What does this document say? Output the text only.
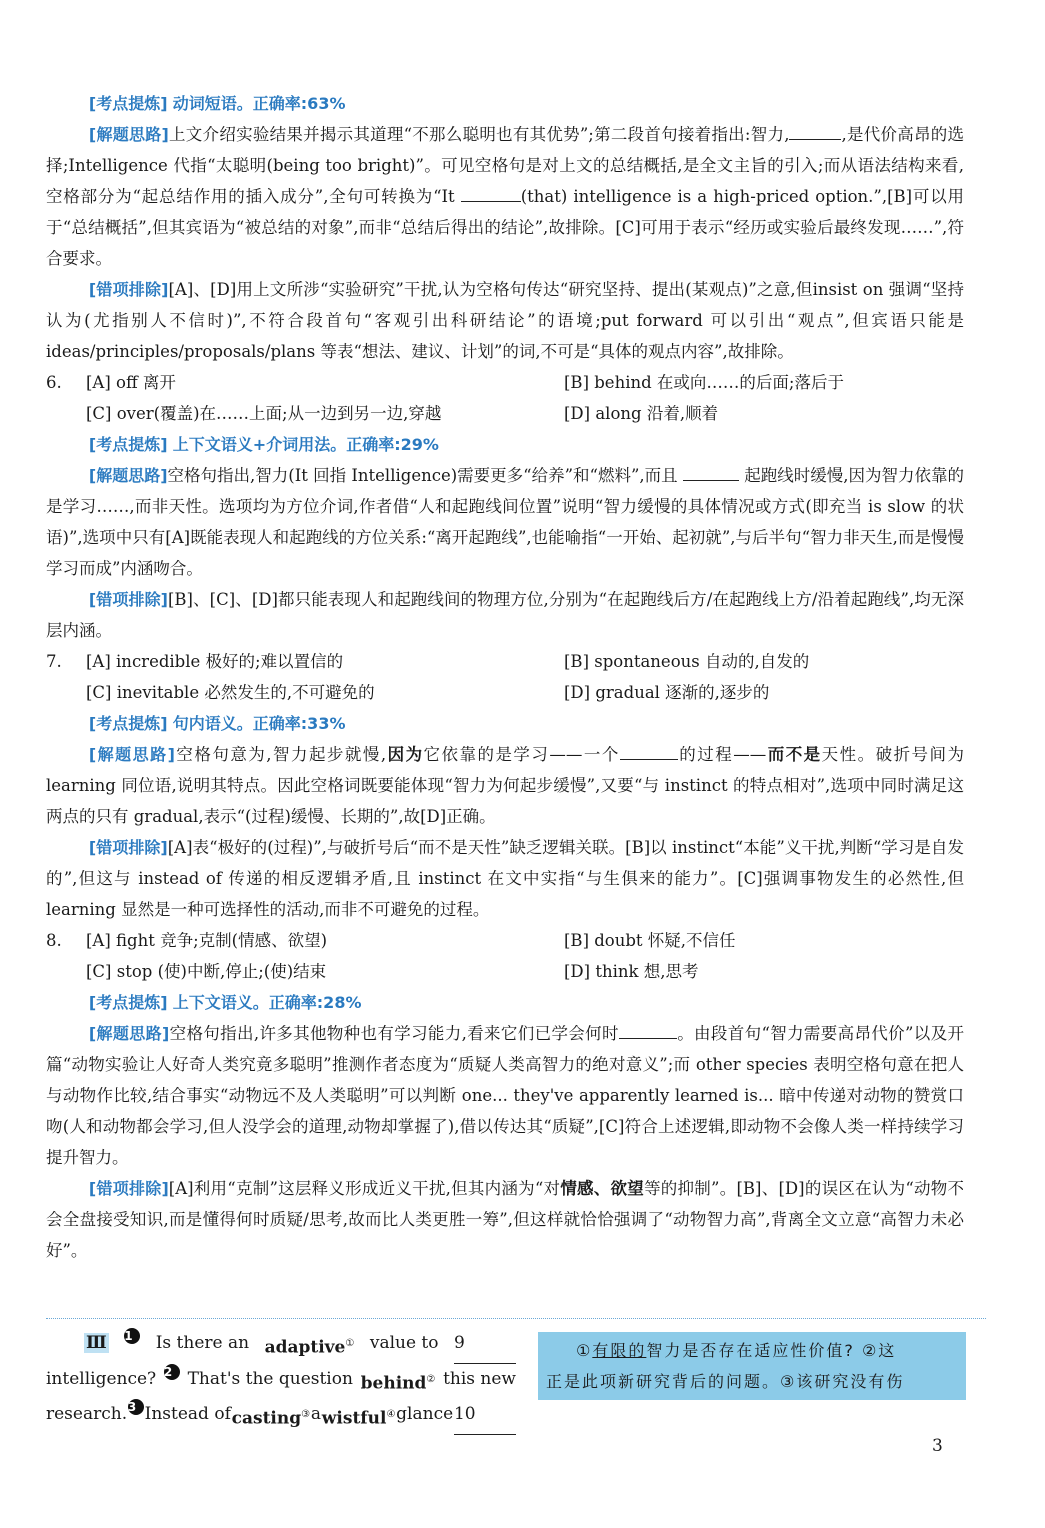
[考点提炼] 动词短语。正确率:63%

[解题思路]上文介绍实验结果并揭示其道理“不那么聪明也有其优势”;第二段首句接着指出:智力,	,是代价高昂的选择;Intelligence 代指“太聪明(being too bright)”。可见空格句是对上文的总结概括,是全文主旨的引入;而从语法结构来看,空格部分为“起总结作用的插入成分”,全句可转换为“It	(that) intelligence is a high-priced option.”,[B]可以用于“总结概括”,但其宾语为“被总结的对象”,而非“总结后得出的结论”,故排除。[C]可用于表示“经历或实验后最终发现……”,符合要求。

[错项排除][A]、[D]用上文所涉“实验研究”干扰,认为空格句传达“研究坚持、提出(某观点)”之意,但insist on 强调“坚持认为(尤指别人不信时)”,不符合段首句“客观引出科研结论”的语境;put forward 可以引出“观点”,但宾语只能是 ideas/principles/proposals/plans 等表“想法、建议、计划”的词,不可是“具体的观点内容”,故排除。

6.	[A] off 离开	[B] behind 在或向……的后面;落后于
[C] over(覆盖)在……上面;从一边到另一边,穿越	[D] along 沿着,顺着

[考点提炼] 上下文语义+介词用法。正确率:29%

[解题思路]空格句指出,智力(It 回指 Intelligence)需要更多“给养”和“燃料”,而且	起跑线时缓慢,因为智力依靠的是学习……,而非天性。选项均为方位介词,作者借“人和起跑线间位置”说明“智力缓慢的具体情况或方式(即充当 is slow 的状语)”,选项中只有[A]既能表现人和起跑线的方位关系:“离开起跑线”,也能喻指“一开始、起初就”,与后半句“智力非天生,而是慢慢学习而成”内涵吻合。

[错项排除][B]、[C]、[D]都只能表现人和起跑线间的物理方位,分别为“在起跑线后方/在起跑线上方/沿着起跑线”,均无深层内涵。

7.	[A] incredible 极好的;难以置信的	[B] spontaneous 自动的,自发的
[C] inevitable 必然发生的,不可避免的	[D] gradual 逐渐的,逐步的

[考点提炼] 句内语义。正确率:33%

[解题思路]空格句意为,智力起步就慢,因为它依靠的是学习——一个	的过程——而不是天性。破折号间为 learning 同位语,说明其特点。因此空格词既要能体现“智力为何起步缓慢”,又要“与 instinct 的特点相对”,选项中同时满足这两点的只有 gradual,表示“(过程)缓慢、长期的”,故[D]正确。

[错项排除][A]表“极好的(过程)”,与破折号后“而不是天性”缺乏逻辑关联。[B]以 instinct“本能”义干扰,判断“学习是自发的”,但这与 instead of 传递的相反逻辑矛盾,且 instinct 在文中实指“与生俱来的能力”。[C]强调事物发生的必然性,但 learning 显然是一种可选择性的活动,而非不可避免的过程。

8.	[A] fight 竞争;克制(情感、欲望)	[B] doubt 怀疑,不信任
[C] stop (使)中断,停止;(使)结束	[D] think 想,思考

[考点提炼] 上下文语义。正确率:28%

[解题思路]空格句指出,许多其他物种也有学习能力,看来它们已学会何时	。由段首句“智力需要高昂代价”以及开篇“动物实验让人好奇人类究竟多聪明”推测作者态度为“质疑人类高智力的绝对意义”;而 other species 表明空格句意在把人与动物作比较,结合事实“动物远不及人类聪明”可以判断 one... they've apparently learned is... 暗中传递对动物的赞赏口吻(人和动物都会学习,但人没学会的道理,动物却掌握了),借以传达其“质疑”,[C]符合上述逻辑,即动物不会像人类一样持续学习提升智力。

[错项排除][A]利用“克制”这层释义形成近义干扰,但其内涵为“对情感、欲望等的抑制”。[B]、[D]的误区在认为“动物不会全盘接受知识,而是懂得何时质疑/思考,故而比人类更胜一筹”,但这样就恰恰强调了“动物智力高”,背离全文立意“高智力未必好”。

Ⅲ 1	Is there an adaptive① value to 9
intelligence? 2 That's the question behind② this new
research. 3 Instead of casting③ a wistful④ glance 10
①有限的智力是否存在适应性价值? ②这
正是此项新研究背后的问题。③该研究没有伤
3
